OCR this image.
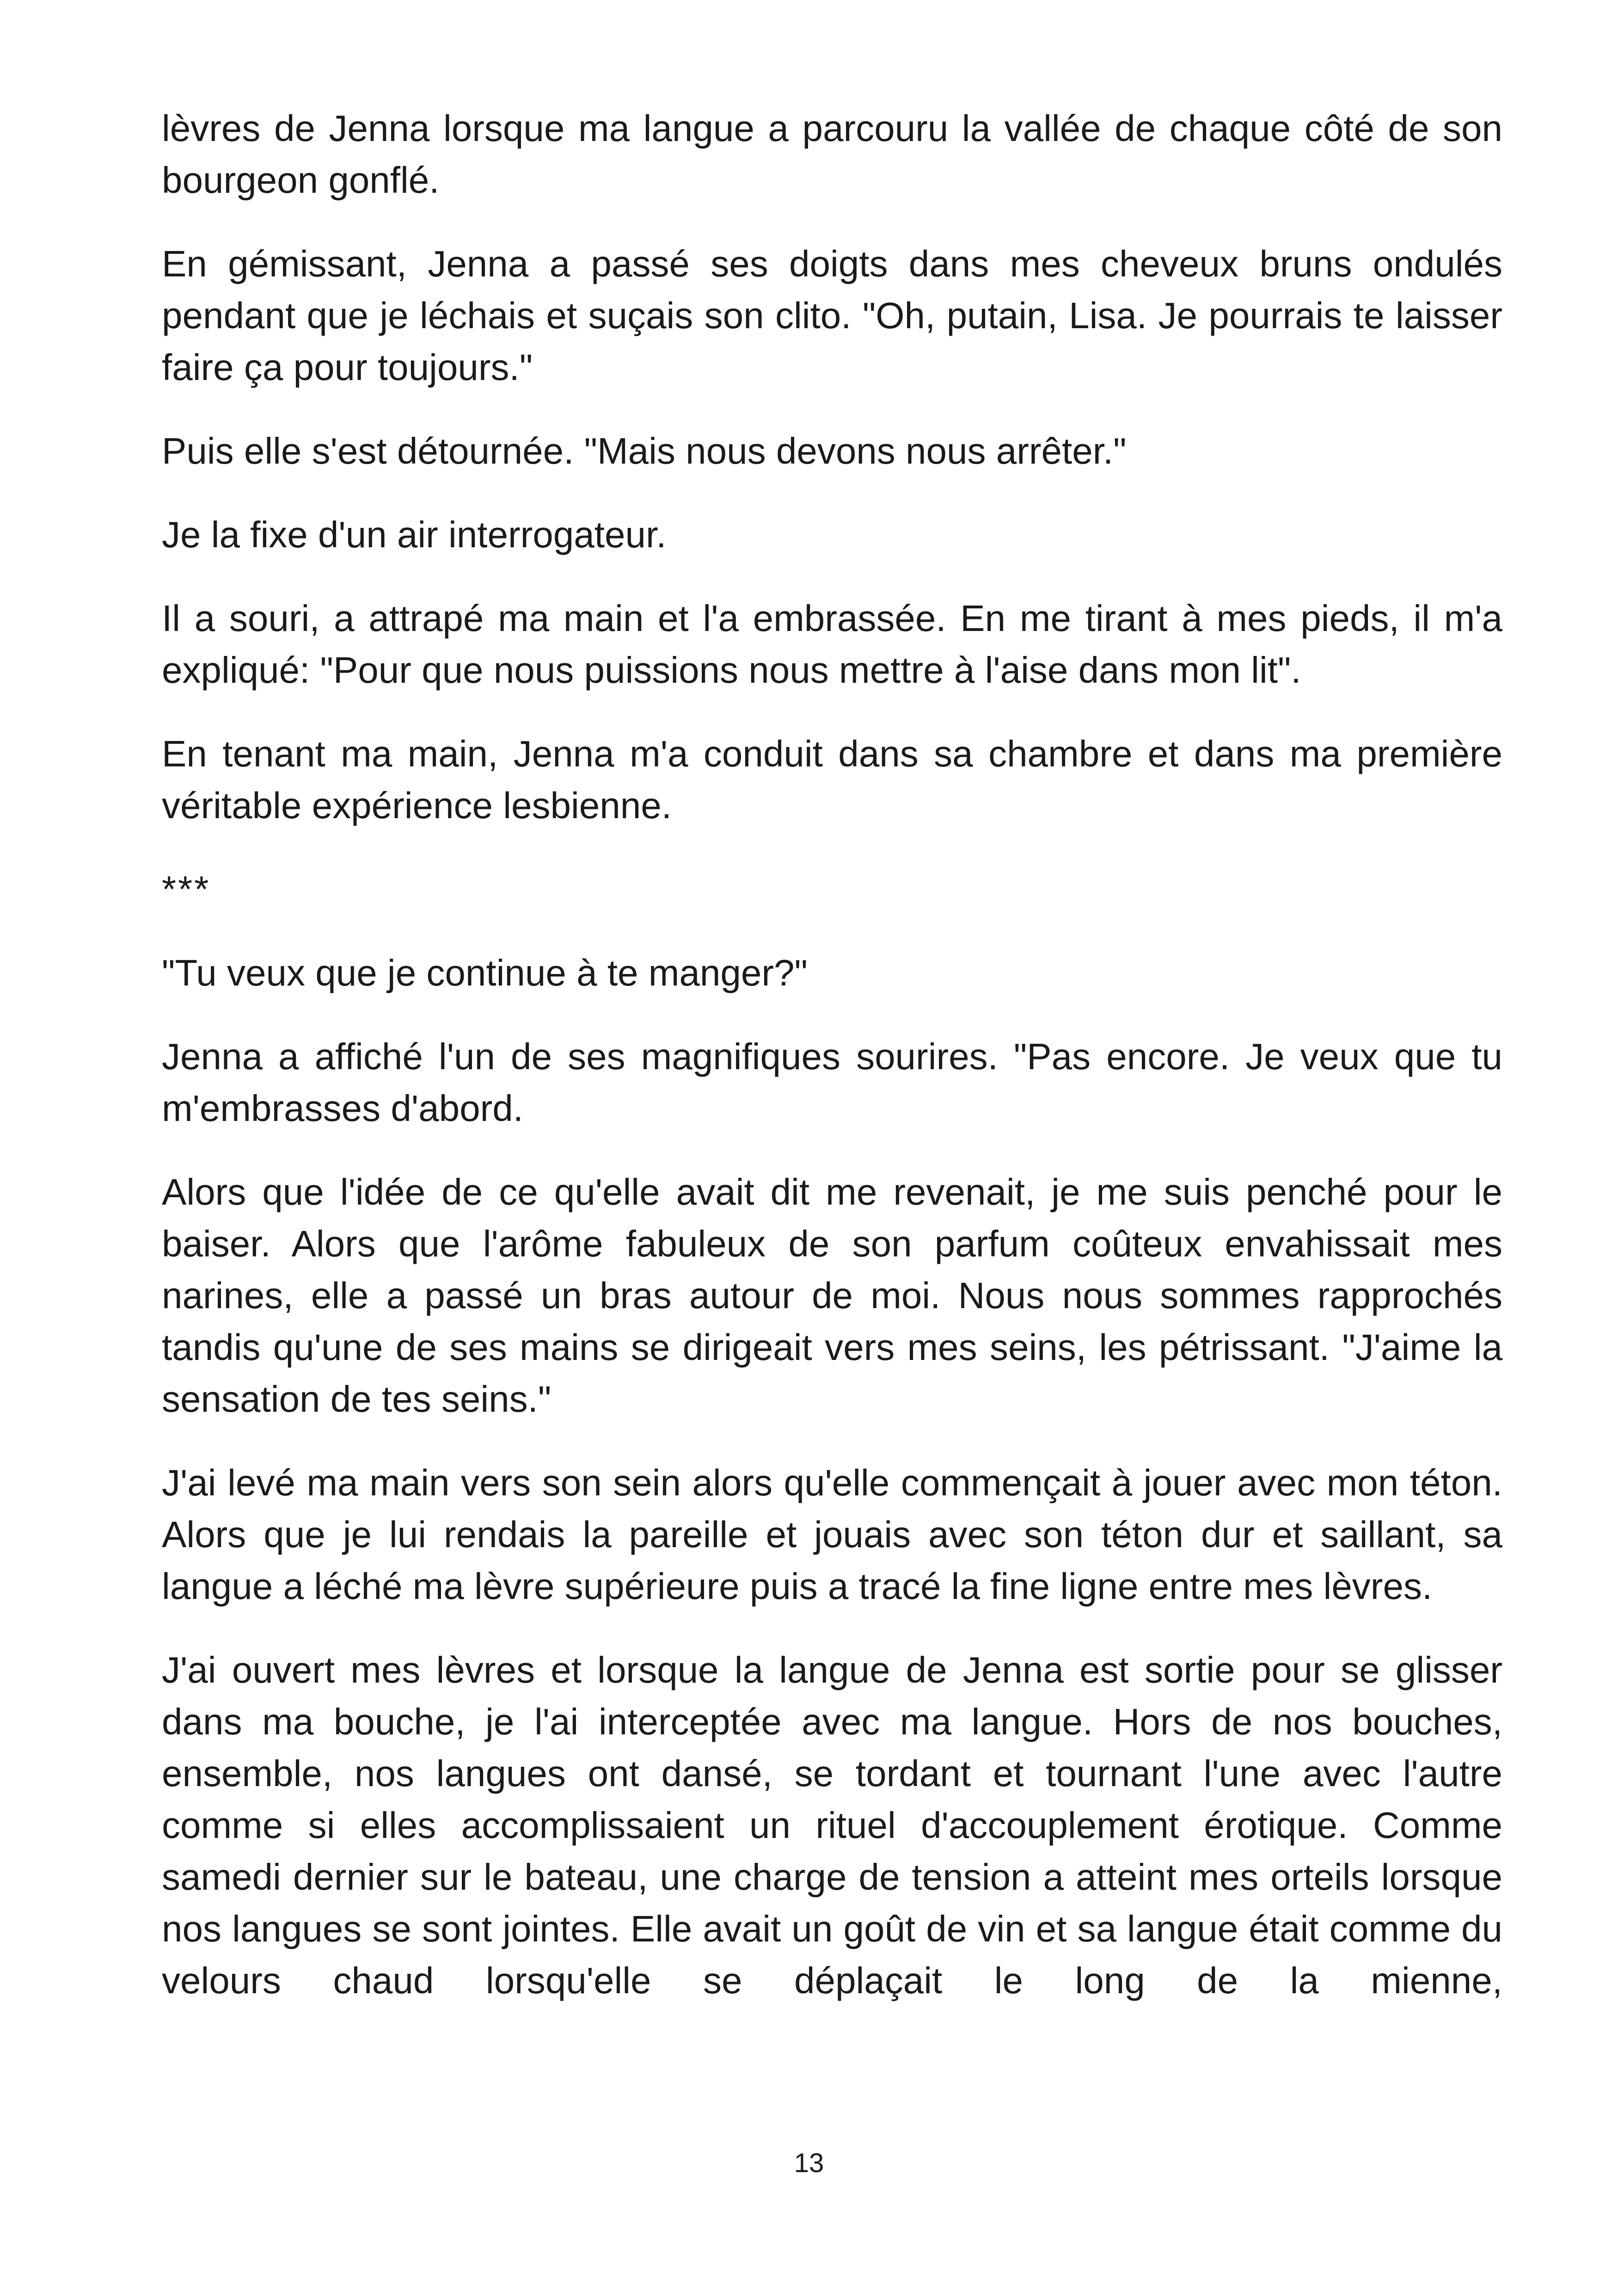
lèvres de Jenna lorsque ma langue a parcouru la vallée de chaque côté de son bourgeon gonflé.

En gémissant, Jenna a passé ses doigts dans mes cheveux bruns ondulés pendant que je léchais et suçais son clito. "Oh, putain, Lisa. Je pourrais te laisser faire ça pour toujours."

Puis elle s'est détournée. "Mais nous devons nous arrêter."

Je la fixe d'un air interrogateur.

Il a souri, a attrapé ma main et l'a embrassée. En me tirant à mes pieds, il m'a expliqué: "Pour que nous puissions nous mettre à l'aise dans mon lit".

En tenant ma main, Jenna m'a conduit dans sa chambre et dans ma première véritable expérience lesbienne.

***

"Tu veux que je continue à te manger?"

Jenna a affiché l'un de ses magnifiques sourires. "Pas encore. Je veux que tu m'embrasses d'abord.

Alors que l'idée de ce qu'elle avait dit me revenait, je me suis penché pour le baiser. Alors que l'arôme fabuleux de son parfum coûteux envahissait mes narines, elle a passé un bras autour de moi. Nous nous sommes rapprochés tandis qu'une de ses mains se dirigeait vers mes seins, les pétrissant. "J'aime la sensation de tes seins."

J'ai levé ma main vers son sein alors qu'elle commençait à jouer avec mon téton. Alors que je lui rendais la pareille et jouais avec son téton dur et saillant, sa langue a léché ma lèvre supérieure puis a tracé la fine ligne entre mes lèvres.

J'ai ouvert mes lèvres et lorsque la langue de Jenna est sortie pour se glisser dans ma bouche, je l'ai interceptée avec ma langue. Hors de nos bouches, ensemble, nos langues ont dansé, se tordant et tournant l'une avec l'autre comme si elles accomplissaient un rituel d'accouplement érotique. Comme samedi dernier sur le bateau, une charge de tension a atteint mes orteils lorsque nos langues se sont jointes. Elle avait un goût de vin et sa langue était comme du velours chaud lorsqu'elle se déplaçait le long de la mienne,

13
